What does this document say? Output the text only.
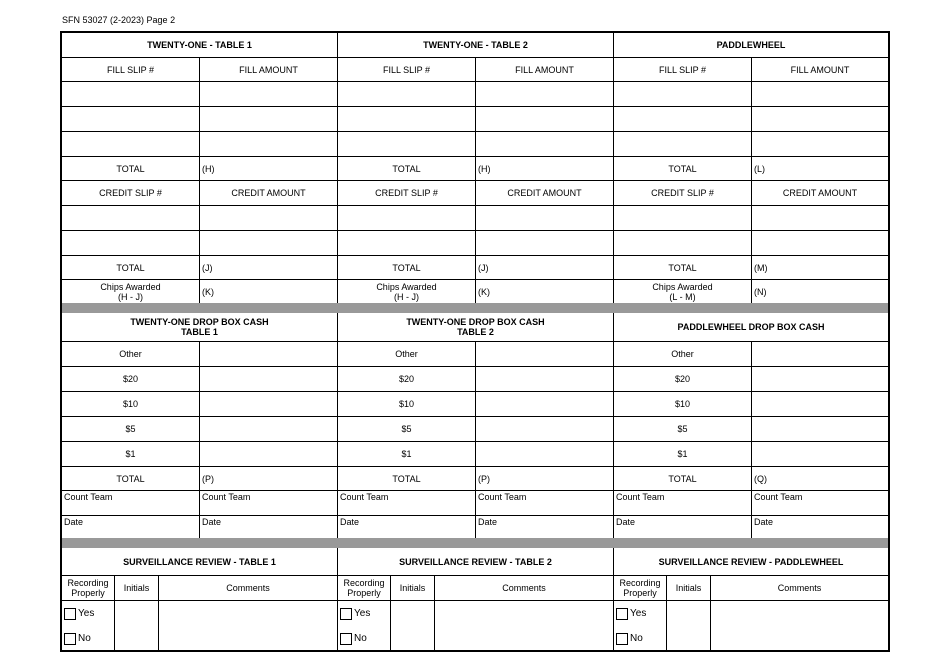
SFN 53027 (2-2023) Page 2
TWENTY-ONE - TABLE 1
FILL SLIP #	FILL AMOUNT
TOTAL	(H)
CREDIT SLIP #	CREDIT AMOUNT
TOTAL	(J)
Chips Awarded
(H - J)	(K)
TWENTY-ONE - TABLE 2
FILL SLIP #	FILL AMOUNT
TOTAL	(H)
CREDIT SLIP #	CREDIT AMOUNT
TOTAL	(J)
Chips Awarded
(H - J)	(K)
PADDLEWHEEL
FILL SLIP #	FILL AMOUNT
TOTAL	(L)
CREDIT SLIP #	CREDIT AMOUNT
TOTAL	(M)
Chips Awarded
(L - M)	(N)
TWENTY-ONE DROP BOX CASH
TABLE 1
Other
$20
$10
$5
$1
TOTAL	(P)
Count Team	Count Team
Date	Date
TWENTY-ONE DROP BOX CASH
TABLE 2
Other
$20
$10
$5
$1
TOTAL	(P)
Count Team	Count Team
Date	Date
PADDLEWHEEL DROP BOX CASH
Other
$20
$10
$5
$1
TOTAL	(Q)
Count Team	Count Team
Date	Date
SURVEILLANCE REVIEW - TABLE 1
Recording
Properly	Initials	Comments
Yes
No
SURVEILLANCE REVIEW - TABLE 2
Recording
Properly	Initials	Comments
Yes
No
SURVEILLANCE REVIEW - PADDLEWHEEL
Recording
Properly	Initials	Comments
Yes
No
